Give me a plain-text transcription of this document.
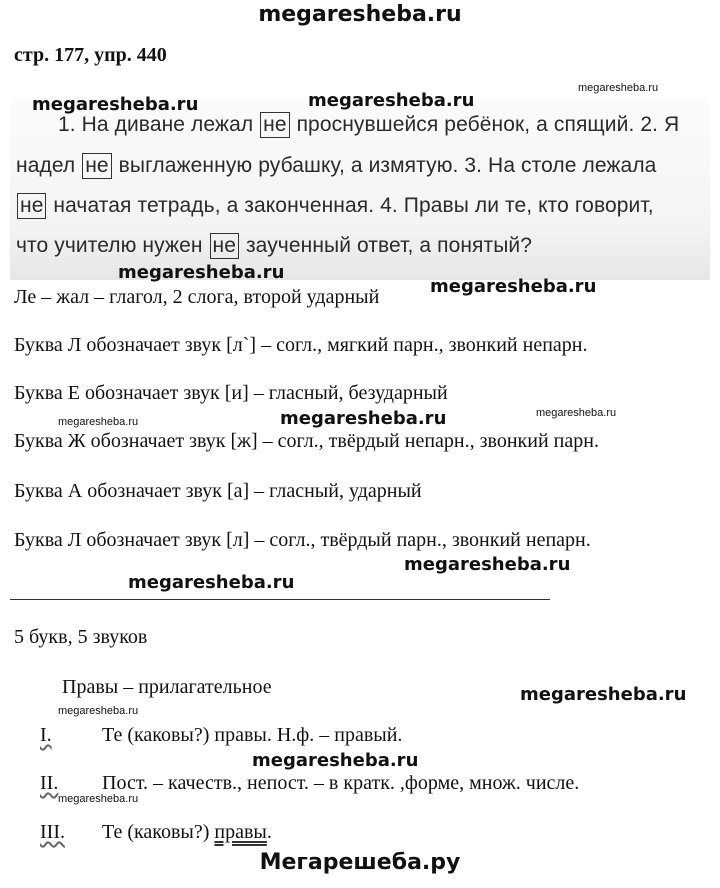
megaresheba.ru
стр. 177, упр. 440
1. На диване лежал не проснувшейся ребёнок, а спящий. 2. Я
надел не выглаженную рубашку, а измятую. 3. На столе лежала
не начатая тетрадь, а законченная. 4. Правы ли те, кто говорит,
что учителю нужен не заученный ответ, а понятый?
megaresheba.ru	megaresheba.ru
megaresheba.ru
megaresheba.ru
Ле – жал – глагол, 2 слога, второй ударный	megaresheba.ru
Буква Л обозначает звук [л`] – согл., мягкий парн., звонкий непарн.
Буква Е обозначает звук [и] – гласный, безударный
megaresheba.ru	megaresheba.ru	megaresheba.ru
Буква Ж обозначает звук [ж] – согл., твёрдый непарн., звонкий парн.
Буква А обозначает звук [а] – гласный, ударный
Буква Л обозначает звук [л] – согл., твёрдый парн., звонкий непарн.
megaresheba.ru
megaresheba.ru
5 букв, 5 звуков
Правы – прилагательное	megaresheba.ru
megaresheba.ru
I.	Те (каковы?) правы. Н.ф. – правый.
megaresheba.ru
II. Пост. – качеств., непост. – в кратк. ,форме, множ. числе.
megaresheba.ru
III. Те (каковы?) правы.
Мегарешеба.ру
